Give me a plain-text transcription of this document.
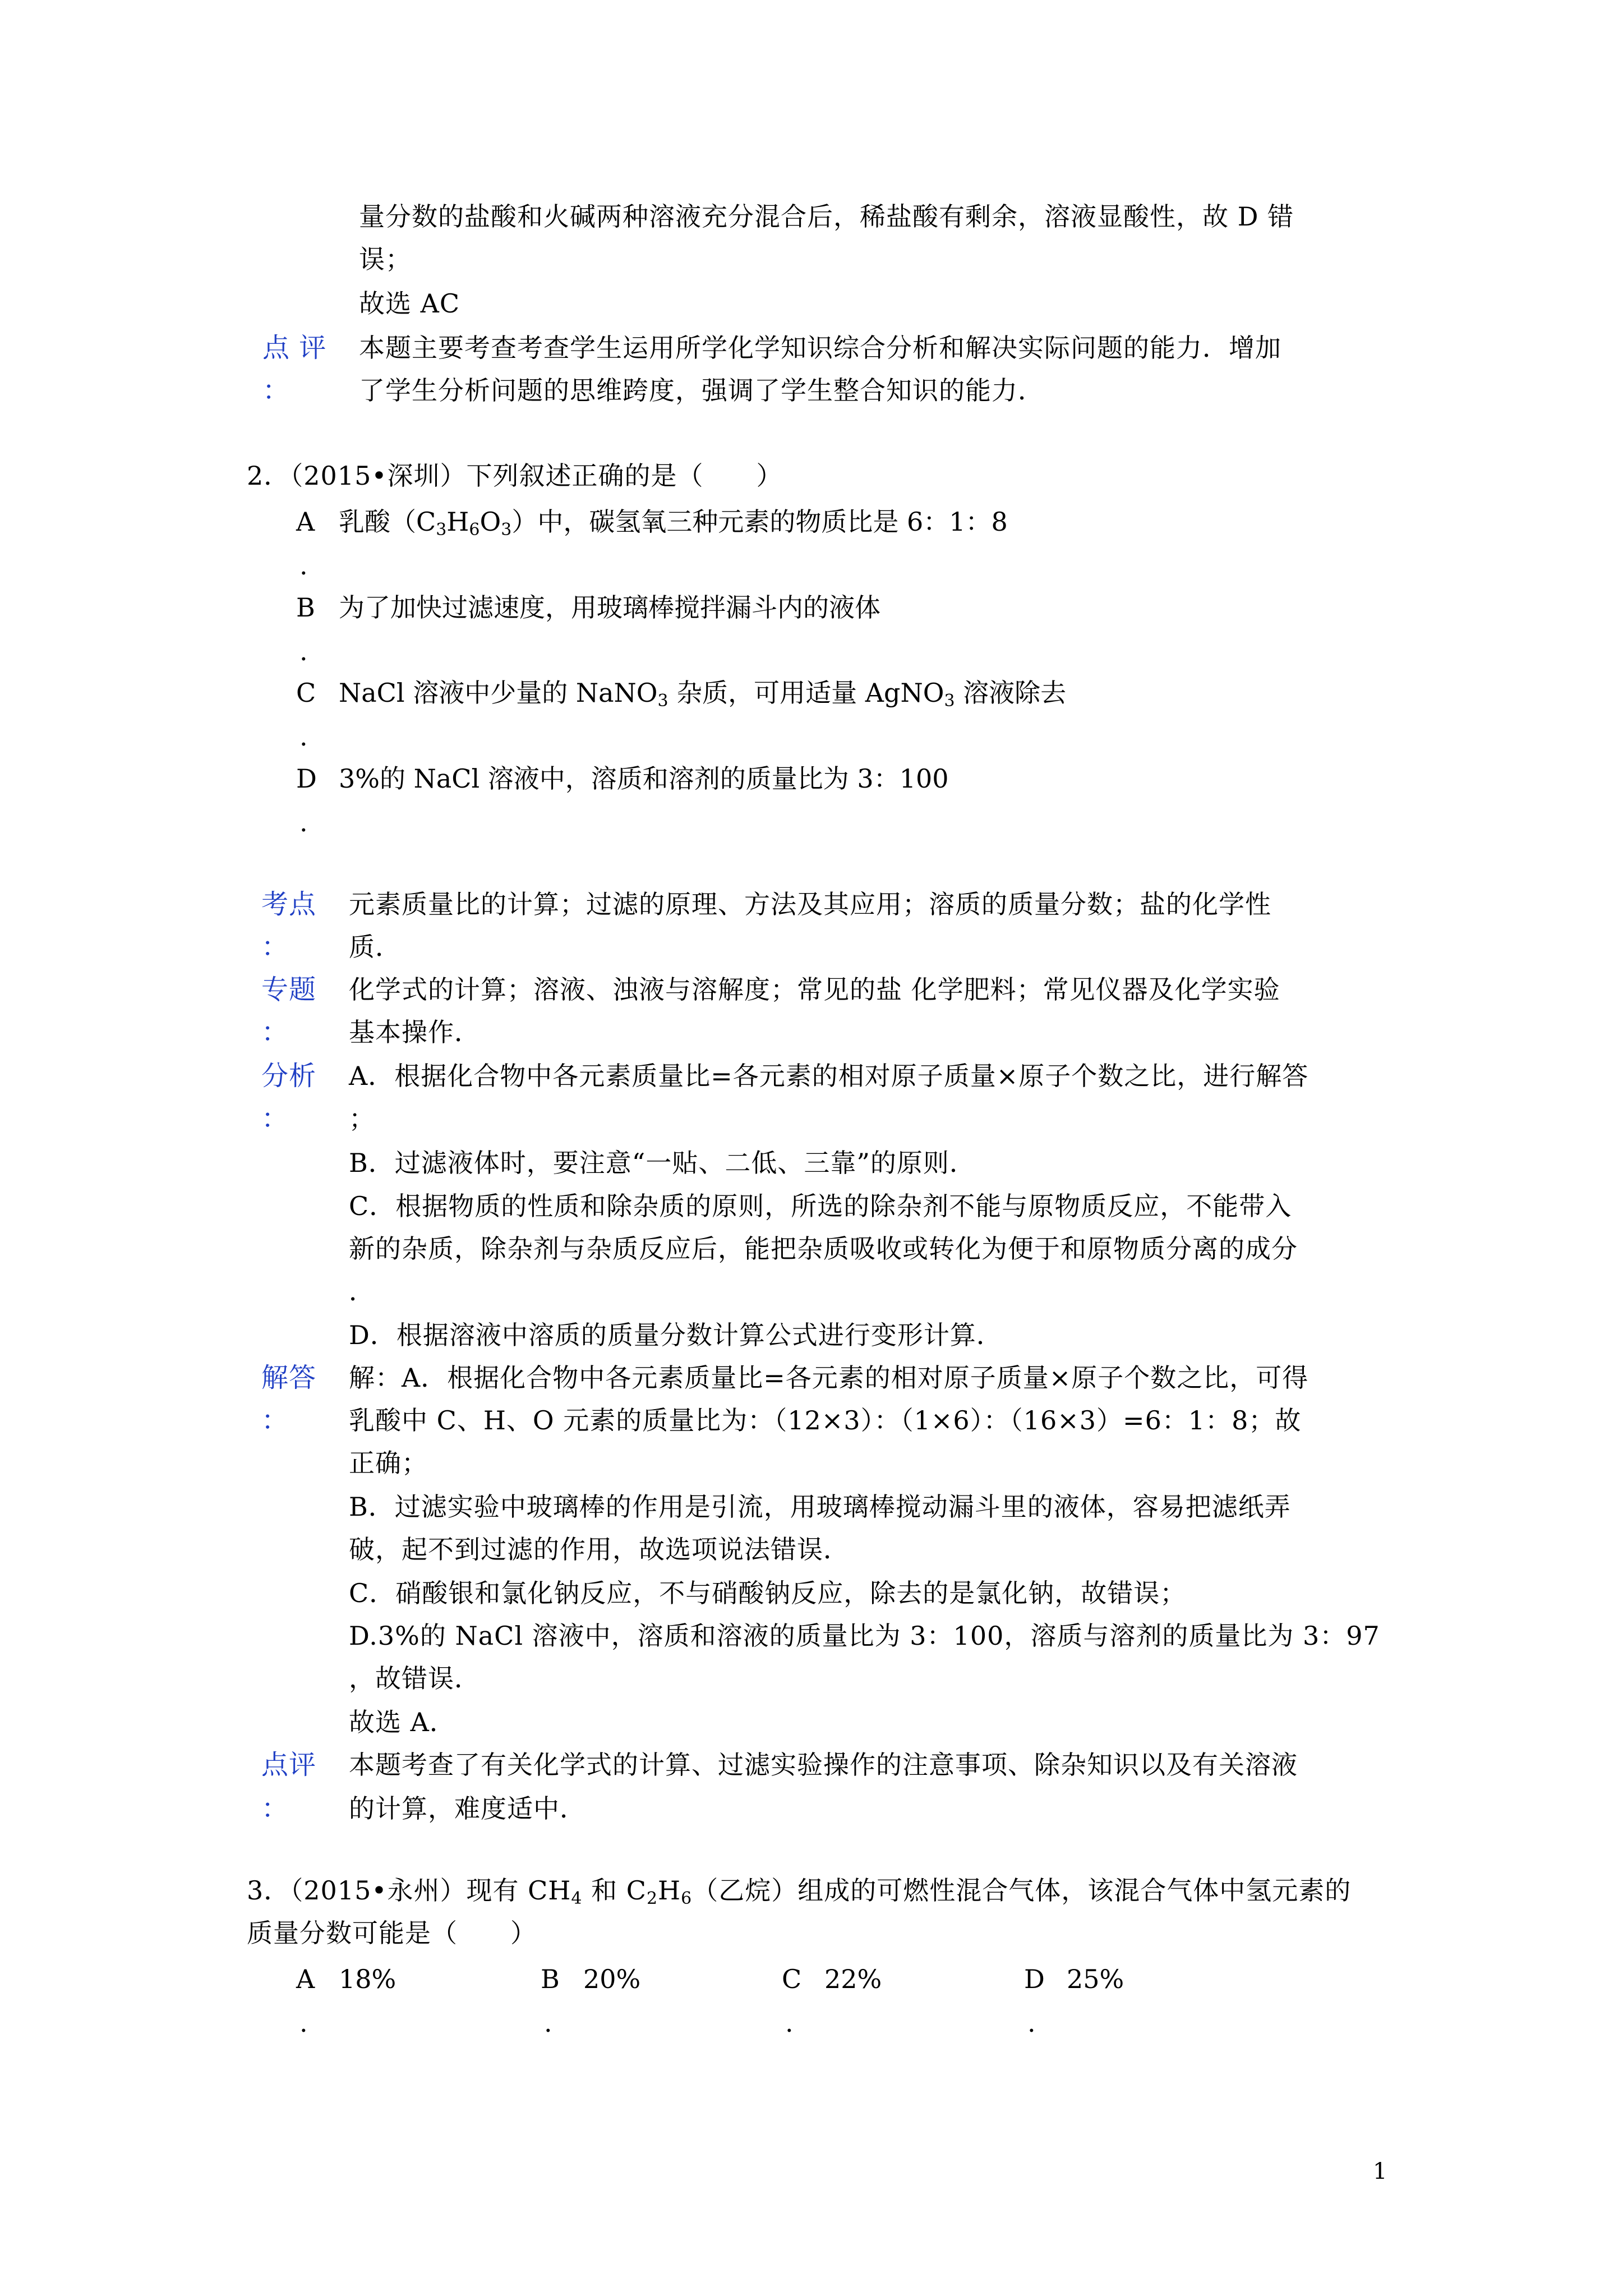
量分数的盐酸和火碱两种溶液充分混合后，稀盐酸有剩余，溶液显酸性，故 D 错
误；
故选 AC
点 评
：
本题主要考查考查学生运用所学化学知识综合分析和解决实际问题的能力．增加
了学生分析问题的思维跨度，强调了学生整合知识的能力．
2．（2015•深圳）下列叙述正确的是（　　）
A
.
乳酸$(C_3H_6O_3)$中，碳氢氧三种元素的物质比是 6：1：8
B
.
为了加快过滤速度，用玻璃棒搅拌漏斗内的液体
C
.
NaCl 溶液中少量的 NaNO$_3$ 杂质，可用适量 AgNO$_3$ 溶液除去
D
.
3%的 NaCl 溶液中，溶质和溶剂的质量比为 3：100
考点
：
元素质量比的计算；过滤的原理、方法及其应用；溶质的质量分数；盐的化学性
质．
专题
：
化学式的计算；溶液、浊液与溶解度；常见的盐 化学肥料；常见仪器及化学实验
基本操作．
分析
：
A．根据化合物中各元素质量比=各元素的相对原子质量×原子个数之比，进行解答
；
B．过滤液体时，要注意“一贴、二低、三靠”的原则．
C．根据物质的性质和除杂质的原则，所选的除杂剂不能与原物质反应，不能带入
新的杂质，除杂剂与杂质反应后，能把杂质吸收或转化为便于和原物质分离的成分
．
D．根据溶液中溶质的质量分数计算公式进行变形计算．
解答
：
解：A．根据化合物中各元素质量比=各元素的相对原子质量×原子个数之比，可得
乳酸中 C、H、O 元素的质量比为：（12×3）：（1×6）：（16×3）=6：1：8；故
正确；
B．过滤实验中玻璃棒的作用是引流，用玻璃棒搅动漏斗里的液体，容易把滤纸弄
破，起不到过滤的作用，故选项说法错误．
C．硝酸银和氯化钠反应，不与硝酸钠反应，除去的是氯化钠，故错误；
D.3%的 NaCl 溶液中，溶质和溶液的质量比为 3：100，溶质与溶剂的质量比为 3：97
，故错误．
故选 A．
点评
：
本题考查了有关化学式的计算、过滤实验操作的注意事项、除杂知识以及有关溶液
的计算，难度适中．
3．（2015•永州）现有 $CH_4$ 和 $C_2H_6$（乙烷）组成的可燃性混合气体，该混合气体中氢元素的
质量分数可能是（　　）
A 18%
.
B 20%
.
C 22%
.
D 25%
.
1
